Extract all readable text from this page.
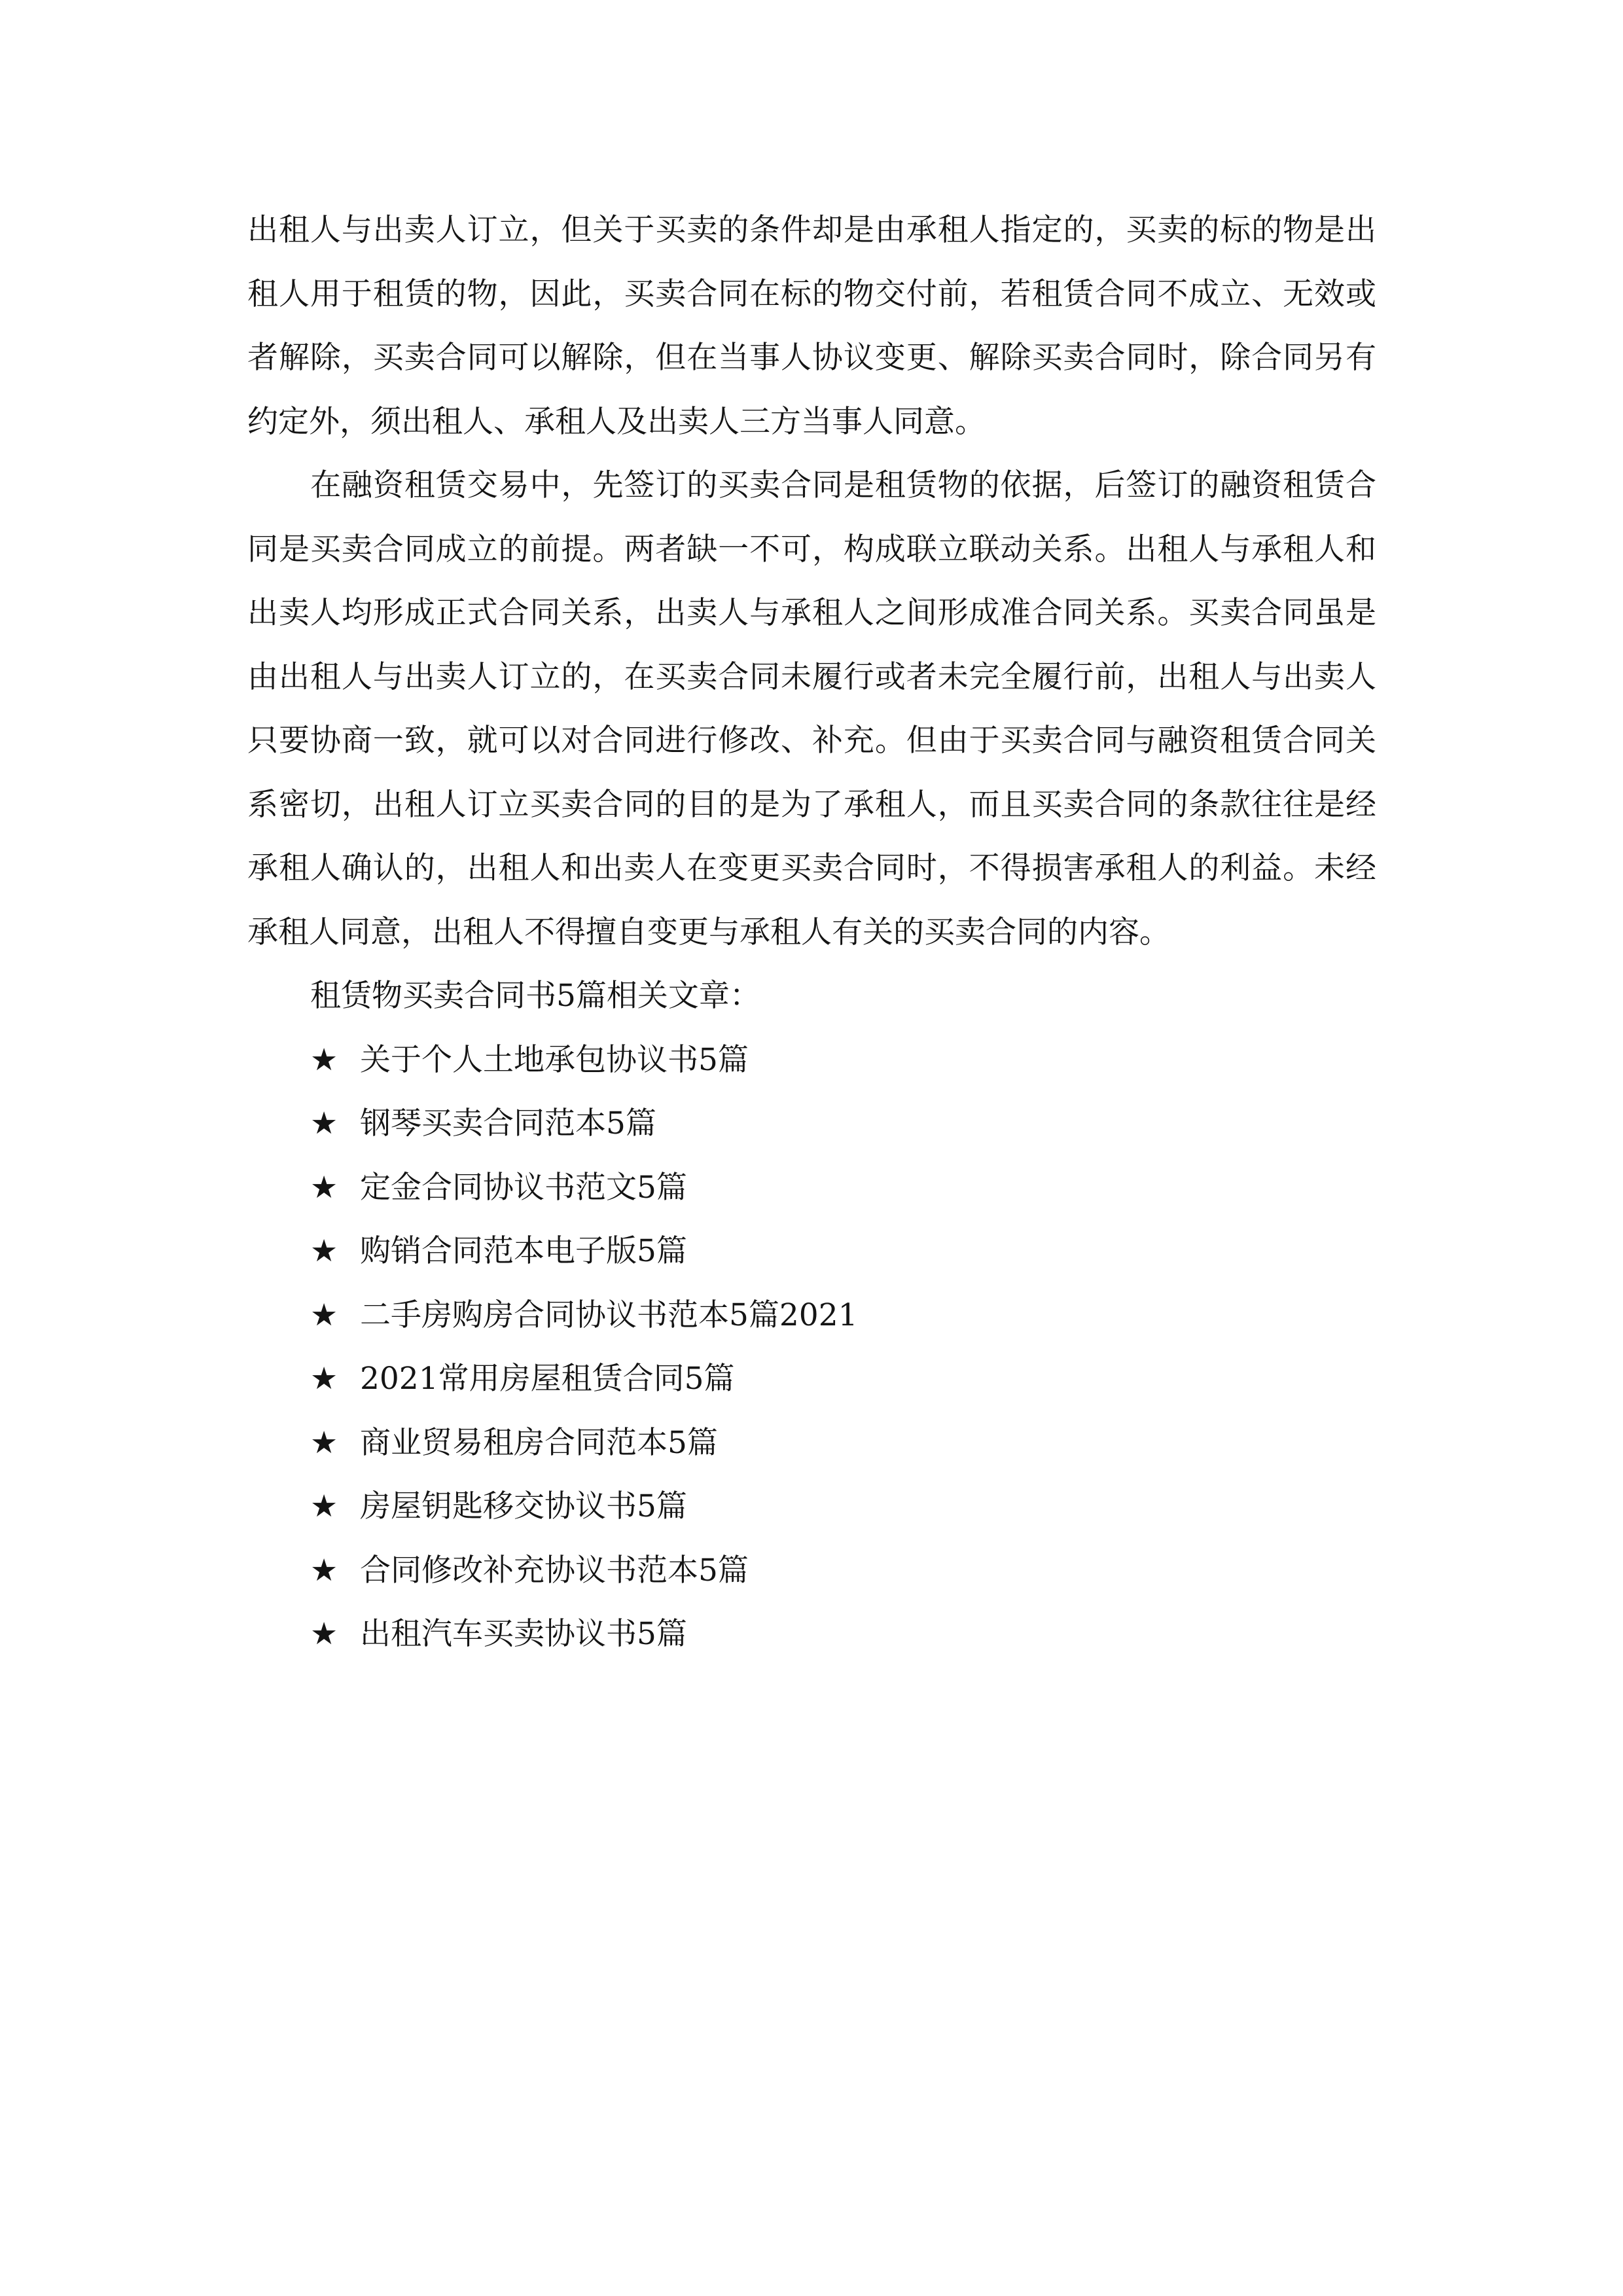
出租人与出卖人订立，但关于买卖的条件却是由承租人指定的，买卖的标的物是出租人用于租赁的物，因此，买卖合同在标的物交付前，若租赁合同不成立、无效或者解除，买卖合同可以解除，但在当事人协议变更、解除买卖合同时，除合同另有约定外，须出租人、承租人及出卖人三方当事人同意。

在融资租赁交易中，先签订的买卖合同是租赁物的依据，后签订的融资租赁合同是买卖合同成立的前提。两者缺一不可，构成联立联动关系。出租人与承租人和出卖人均形成正式合同关系，出卖人与承租人之间形成准合同关系。买卖合同虽是由出租人与出卖人订立的，在买卖合同未履行或者未完全履行前，出租人与出卖人只要协商一致，就可以对合同进行修改、补充。但由于买卖合同与融资租赁合同关系密切，出租人订立买卖合同的目的是为了承租人，而且买卖合同的条款往往是经承租人确认的，出租人和出卖人在变更买卖合同时，不得损害承租人的利益。未经承租人同意，出租人不得擅自变更与承租人有关的买卖合同的内容。

租赁物买卖合同书5篇相关文章：

★ 关于个人土地承包协议书5篇
★ 钢琴买卖合同范本5篇
★ 定金合同协议书范文5篇
★ 购销合同范本电子版5篇
★ 二手房购房合同协议书范本5篇2021
★ 2021常用房屋租赁合同5篇
★ 商业贸易租房合同范本5篇
★ 房屋钥匙移交协议书5篇
★ 合同修改补充协议书范本5篇
★ 出租汽车买卖协议书5篇
